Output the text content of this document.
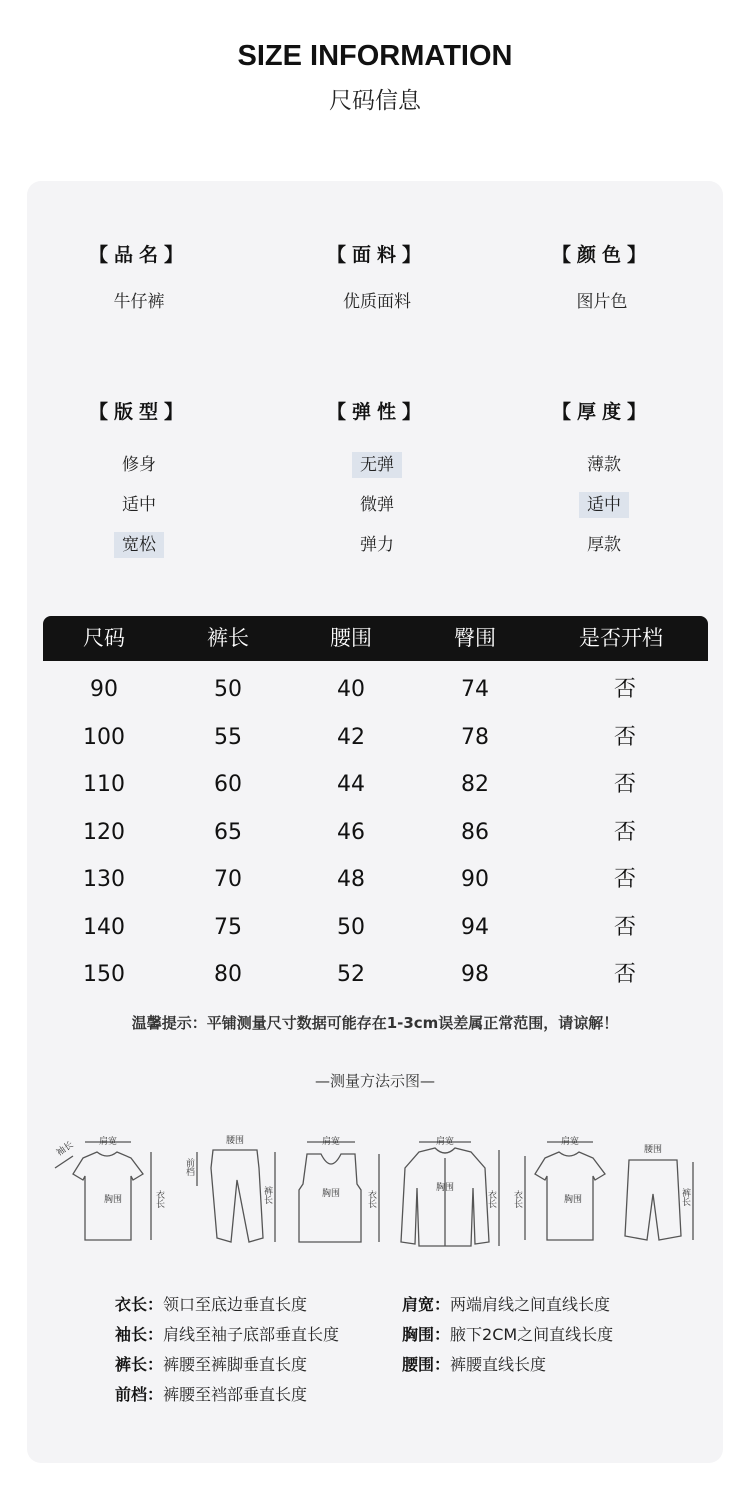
SIZE INFORMATION
尺码信息
【品名】
牛仔裤
【面料】
优质面料
【颜色】
图片色
【版型】
修身
适中
宽松
【弹性】
无弹
微弹
弹力
【厚度】
薄款
适中
厚款
尺码	裤长	腰围	臀围	是否开档
90	50	40	74	否
100	55	42	78	否
110	60	44	82	否
120	65	46	86	否
130	70	48	90	否
140	75	50	94	否
150	80	52	98	否
温馨提示：平铺测量尺寸数据可能存在1-3cm误差属正常范围，请谅解！
—测量方法示图—
肩宽
胸围
袖长
衣长
腰围
前档
裤长
肩宽
胸围	衣长
肩宽
胸围
衣长
肩宽
胸围
衣长
腰围
裤长
衣长：领口至底边垂直长度	肩宽：两端肩线之间直线长度
袖长：肩线至袖子底部垂直长度	胸围：腋下2CM之间直线长度
裤长：裤腰至裤脚垂直长度	腰围：裤腰直线长度
前档：裤腰至裆部垂直长度
